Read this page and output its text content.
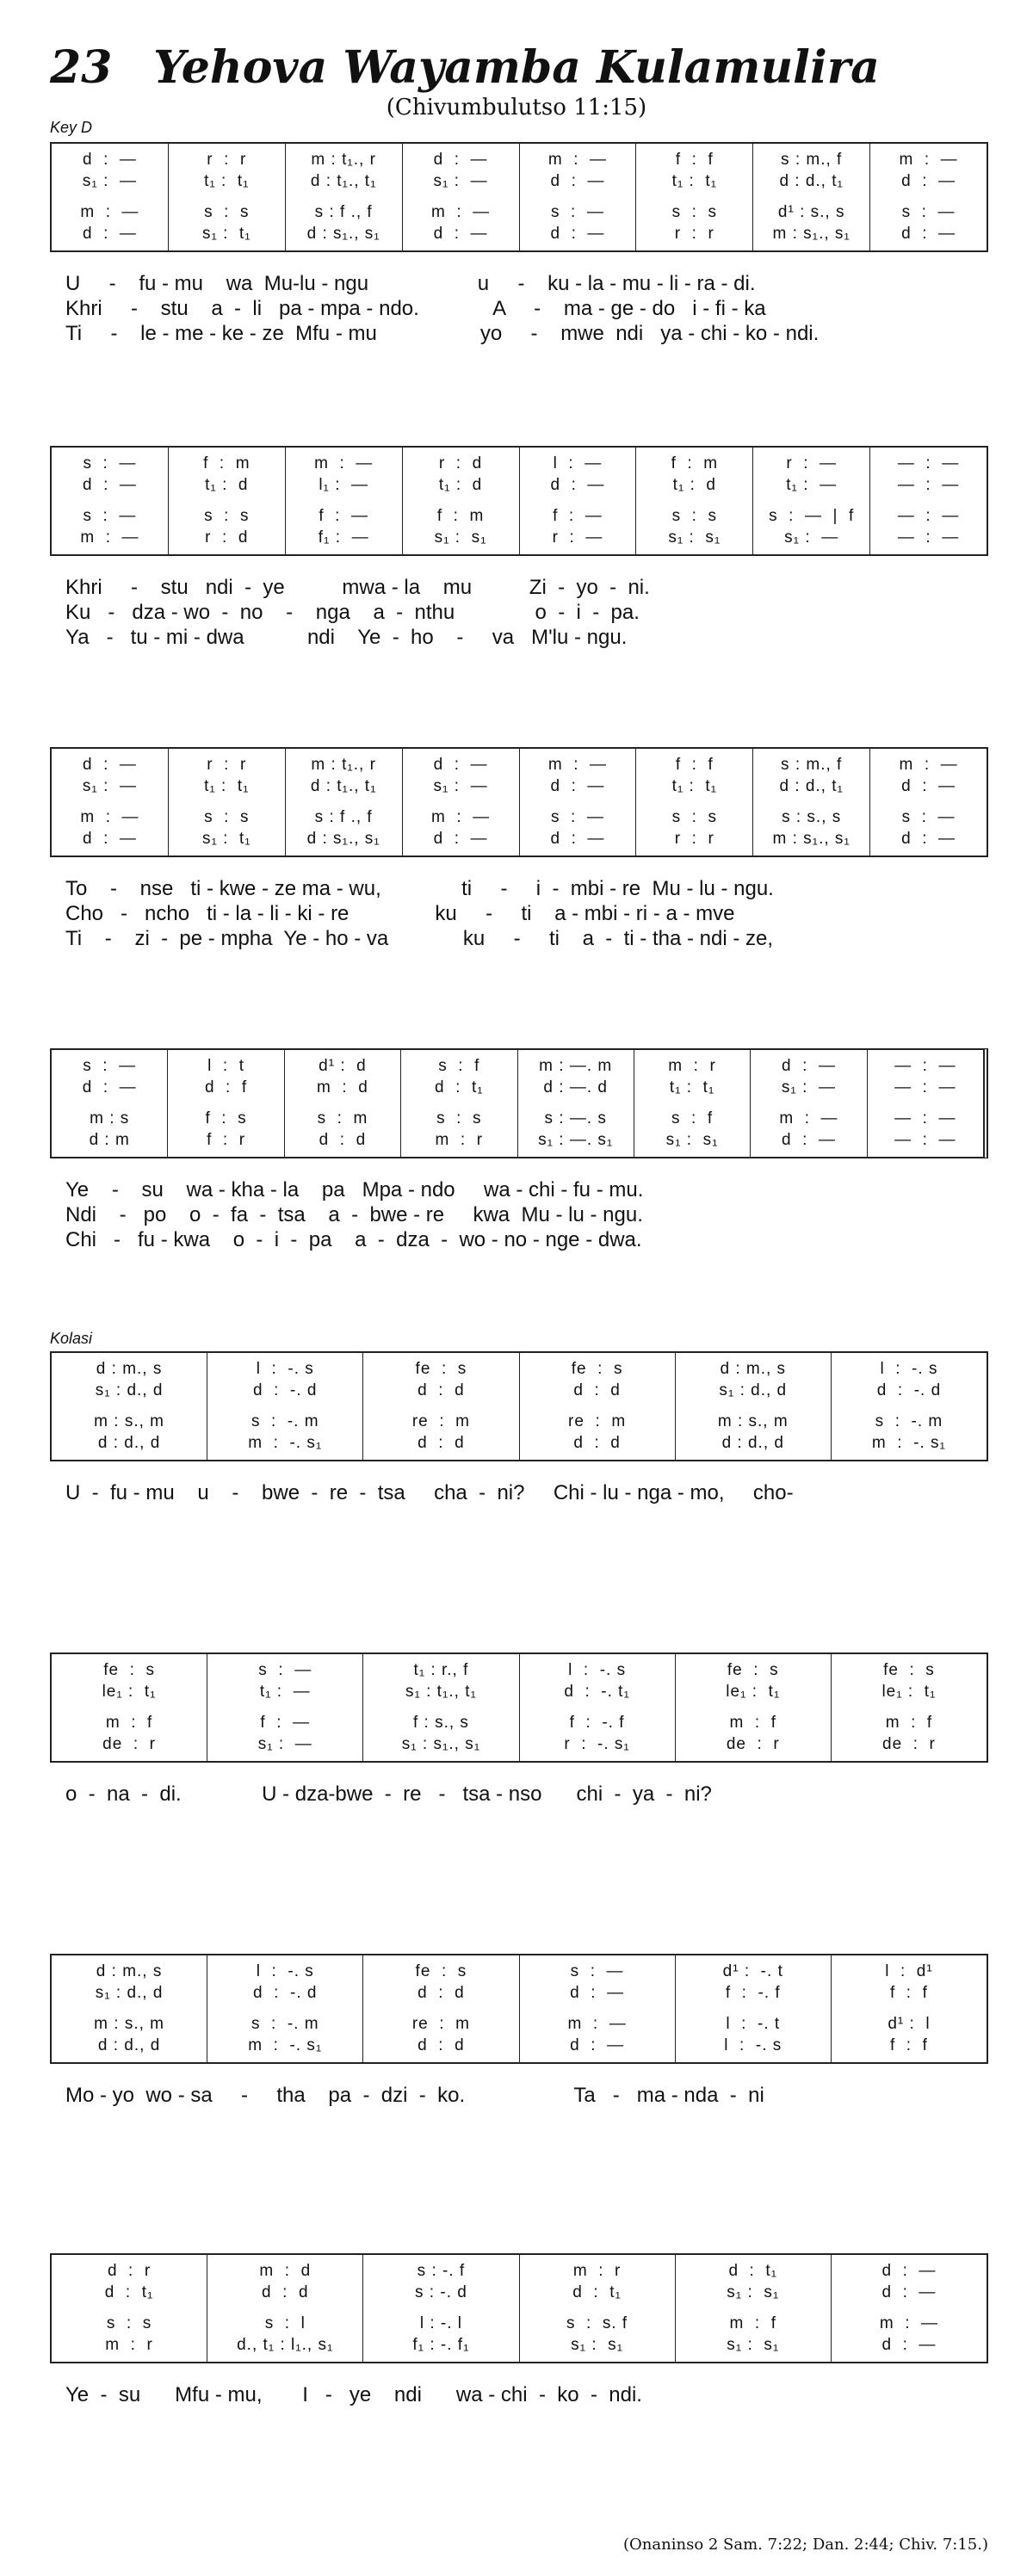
23 Yehova Wayamba Kulamulira
(Chivumbulutso 11:15)
Key D
d  :  —
s₁ :  —
m  :  —
d  :  —
r  :  r
t₁ :  t₁
s  :  s
s₁ :  t₁
m : t₁., r
d : t₁., t₁
s : f ., f
d : s₁., s₁
d  :  —
s₁ :  —
m  :  —
d  :  —
m  :  —
d  :  —
s  :  —
d  :  —
f  :  f
t₁ :  t₁
s  :  s
r  :  r
s : m., f
d : d., t₁
d¹ : s., s
m : s₁., s₁
m  :  —
d  :  —
s  :  —
d  :  —
U     -    fu - mu    wa  Mu-lu - ngu                   u     -    ku - la - mu - li - ra - di.
Khri     -    stu    a  -  li   pa - mpa - ndo.             A     -    ma - ge - do   i - fi - ka
Ti     -    le - me - ke - ze  Mfu - mu                  yo     -    mwe  ndi   ya - chi - ko - ndi.
s  :  —
d  :  —
s  :  —
m  :  —
f  :  m
t₁ :  d
s  :  s
r  :  d
m  :  —
l₁ :  —
f  :  —
f₁ :  —
r  :  d
t₁ :  d
f  :  m
s₁ :  s₁
l  :  —
d  :  —
f  :  —
r  :  —
f  :  m
t₁ :  d
s  :  s
s₁ :  s₁
r  :  —
t₁ :  —
s  :  —  |  f
s₁ :  —
—  :  —
—  :  —
—  :  —
—  :  —
Khri     -    stu   ndi  -  ye          mwa - la    mu          Zi  -  yo  -  ni.
Ku   -   dza - wo  -  no    -    nga    a  -  nthu              o  -  i  -  pa.
Ya   -   tu - mi - dwa           ndi    Ye  -  ho    -     va   M'lu - ngu.
d  :  —
s₁ :  —
m  :  —
d  :  —
r  :  r
t₁ :  t₁
s  :  s
s₁ :  t₁
m : t₁., r
d : t₁., t₁
s : f ., f
d : s₁., s₁
d  :  —
s₁ :  —
m  :  —
d  :  —
m  :  —
d  :  —
s  :  —
d  :  —
f  :  f
t₁ :  t₁
s  :  s
r  :  r
s : m., f
d : d., t₁
s : s., s
m : s₁., s₁
m  :  —
d  :  —
s  :  —
d  :  —
To    -    nse   ti - kwe - ze ma - wu,              ti     -     i  -  mbi - re  Mu - lu - ngu.
Cho   -   ncho   ti - la - li - ki - re               ku     -     ti    a - mbi - ri - a - mve
Ti    -    zi  -  pe - mpha  Ye - ho - va             ku     -     ti    a  -  ti - tha - ndi - ze,
s  :  —
d  :  —
m : s
d : m
l  :  t
d  :  f
f  :  s
f  :  r
d¹ :  d
m  :  d
s  :  m
d  :  d
s  :  f
d  :  t₁
s  :  s
m  :  r
m : —. m
d : —. d
s : —. s
s₁ : —. s₁
m  :  r
t₁ :  t₁
s  :  f
s₁ :  s₁
d  :  —
s₁ :  —
m  :  —
d  :  —
—  :  —
—  :  —
—  :  —
—  :  —
Ye    -    su    wa - kha - la    pa   Mpa - ndo     wa - chi - fu - mu.
Ndi    -   po    o  -  fa  -  tsa    a  -  bwe - re     kwa  Mu - lu - ngu.
Chi   -   fu - kwa    o  -  i  -  pa    a  -  dza  -  wo - no - nge - dwa.
d : m., s
s₁ : d., d
m : s., m
d : d., d
l  :  -. s
d  :  -. d
s  :  -. m
m  :  -. s₁
fe  :  s
d  :  d
re  :  m
d  :  d
fe  :  s
d  :  d
re  :  m
d  :  d
d : m., s
s₁ : d., d
m : s., m
d : d., d
l  :  -. s
d  :  -. d
s  :  -. m
m  :  -. s₁
U  -  fu - mu    u    -    bwe  -  re  -  tsa     cha  -  ni?     Chi - lu - nga - mo,     cho-
fe  :  s
le₁ :  t₁
m  :  f
de  :  r
s  :  —
t₁ :  —
f  :  —
s₁ :  —
t₁ : r., f
s₁ : t₁., t₁
f : s., s
s₁ : s₁., s₁
l  :  -. s
d  :  -. t₁
f  :  -. f
r  :  -. s₁
fe  :  s
le₁ :  t₁
m  :  f
de  :  r
fe  :  s
le₁ :  t₁
m  :  f
de  :  r
o  -  na  -  di.              U - dza-bwe  -  re   -   tsa - nso      chi  -  ya  -  ni?
d : m., s
s₁ : d., d
m : s., m
d : d., d
l  :  -. s
d  :  -. d
s  :  -. m
m  :  -. s₁
fe  :  s
d  :  d
re  :  m
d  :  d
s  :  —
d  :  —
m  :  —
d  :  —
d¹ :  -. t
f  :  -. f
l  :  -. t
l  :  -. s
l  :  d¹
f  :  f
d¹ :  l
f  :  f
Mo - yo  wo - sa     -     tha    pa  -  dzi  -  ko.                   Ta   -   ma - nda  -  ni
d  :  r
d  :  t₁
s  :  s
m  :  r
m  :  d
d  :  d
s  :  l
d., t₁ : l₁., s₁
s : -. f
s : -. d
l : -. l
f₁ : -. f₁
m  :  r
d  :  t₁
s  :  s. f
s₁ :  s₁
d  :  t₁
s₁ :  s₁
m  :  f
s₁ :  s₁
d  :  —
d  :  —
m  :  —
d  :  —
Ye  -  su      Mfu - mu,       I   -   ye    ndi      wa - chi  -  ko  -  ndi.
Kolasi
(Onaninso 2 Sam. 7:22; Dan. 2:44; Chiv. 7:15.)
